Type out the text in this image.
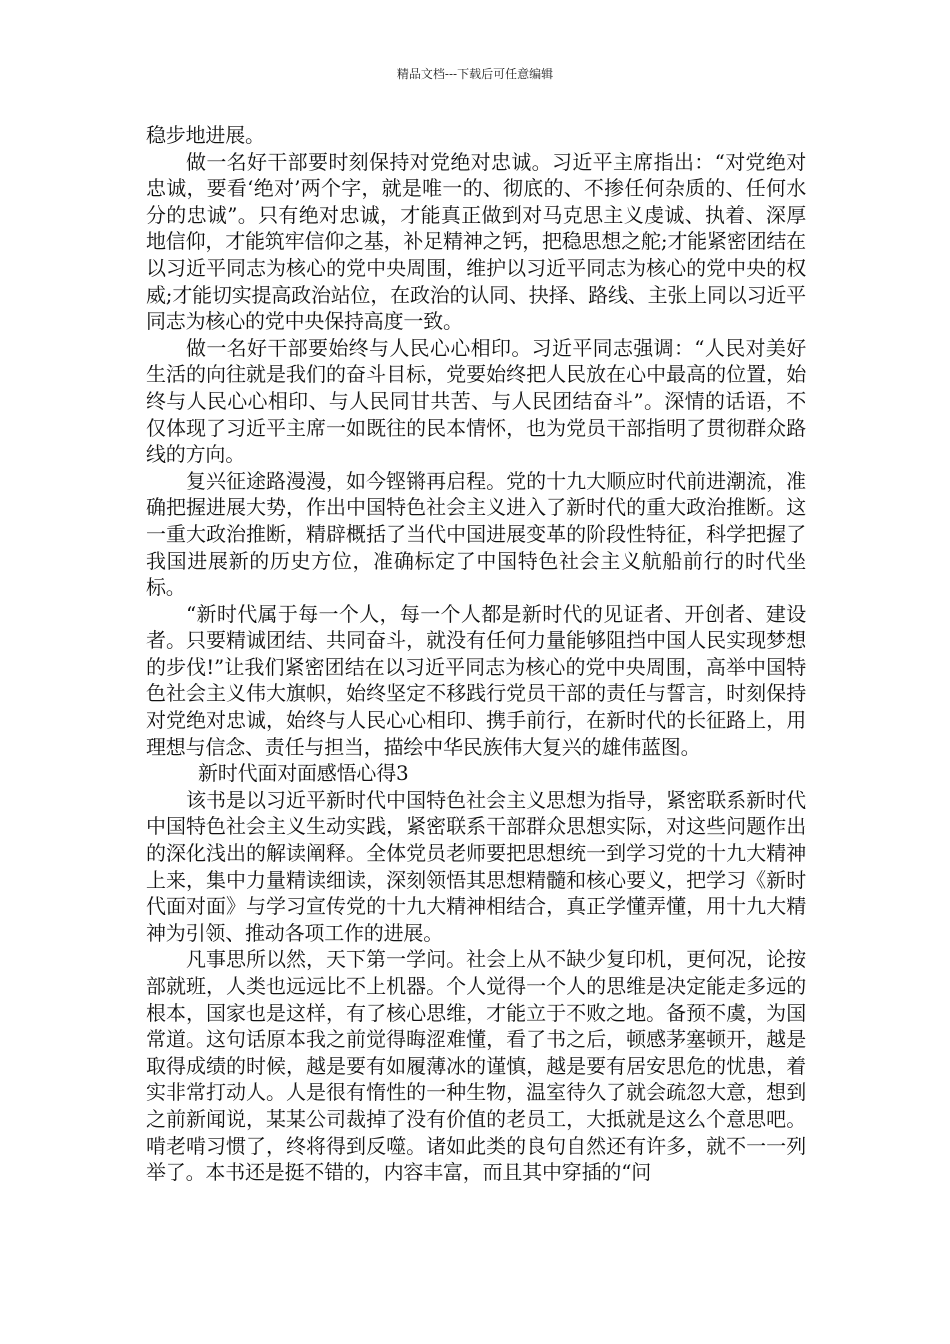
精品文档---下载后可任意编辑

稳步地进展。

做一名好干部要时刻保持对党绝对忠诚。习近平主席指出：“对党绝对忠诚，要看‘绝对’两个字，就是唯一的、彻底的、不掺任何杂质的、任何水分的忠诚”。只有绝对忠诚，才能真正做到对马克思主义虔诚、执着、深厚地信仰，才能筑牢信仰之基，补足精神之钙，把稳思想之舵;才能紧密团结在以习近平同志为核心的党中央周围，维护以习近平同志为核心的党中央的权威;才能切实提高政治站位，在政治的认同、抉择、路线、主张上同以习近平同志为核心的党中央保持高度一致。

做一名好干部要始终与人民心心相印。习近平同志强调：“人民对美好生活的向往就是我们的奋斗目标，党要始终把人民放在心中最高的位置，始终与人民心心相印、与人民同甘共苦、与人民团结奋斗”。深情的话语，不仅体现了习近平主席一如既往的民本情怀，也为党员干部指明了贯彻群众路线的方向。

复兴征途路漫漫，如今铿锵再启程。党的十九大顺应时代前进潮流，准确把握进展大势，作出中国特色社会主义进入了新时代的重大政治推断。这一重大政治推断，精辟概括了当代中国进展变革的阶段性特征，科学把握了我国进展新的历史方位，准确标定了中国特色社会主义航船前行的时代坐标。

“新时代属于每一个人，每一个人都是新时代的见证者、开创者、建设者。只要精诚团结、共同奋斗，就没有任何力量能够阻挡中国人民实现梦想的步伐!”让我们紧密团结在以习近平同志为核心的党中央周围，高举中国特色社会主义伟大旗帜，始终坚定不移践行党员干部的责任与誓言，时刻保持对党绝对忠诚，始终与人民心心相印、携手前行，在新时代的长征路上，用理想与信念、责任与担当，描绘中华民族伟大复兴的雄伟蓝图。

新时代面对面感悟心得3

该书是以习近平新时代中国特色社会主义思想为指导，紧密联系新时代中国特色社会主义生动实践，紧密联系干部群众思想实际，对这些问题作出的深化浅出的解读阐释。全体党员老师要把思想统一到学习党的十九大精神上来，集中力量精读细读，深刻领悟其思想精髓和核心要义，把学习《新时代面对面》与学习宣传党的十九大精神相结合，真正学懂弄懂，用十九大精神为引领、推动各项工作的进展。

凡事思所以然，天下第一学问。社会上从不缺少复印机，更何况，论按部就班，人类也远远比不上机器。个人觉得一个人的思维是决定能走多远的根本，国家也是这样，有了核心思维，才能立于不败之地。备预不虞，为国常道。这句话原本我之前觉得晦涩难懂，看了书之后，顿感茅塞顿开，越是取得成绩的时候，越是要有如履薄冰的谨慎，越是要有居安思危的忧患，着实非常打动人。人是很有惰性的一种生物，温室待久了就会疏忽大意，想到之前新闻说，某某公司裁掉了没有价值的老员工，大抵就是这么个意思吧。啃老啃习惯了，终将得到反噬。诸如此类的良句自然还有许多，就不一一列举了。本书还是挺不错的，内容丰富，而且其中穿插的“问
